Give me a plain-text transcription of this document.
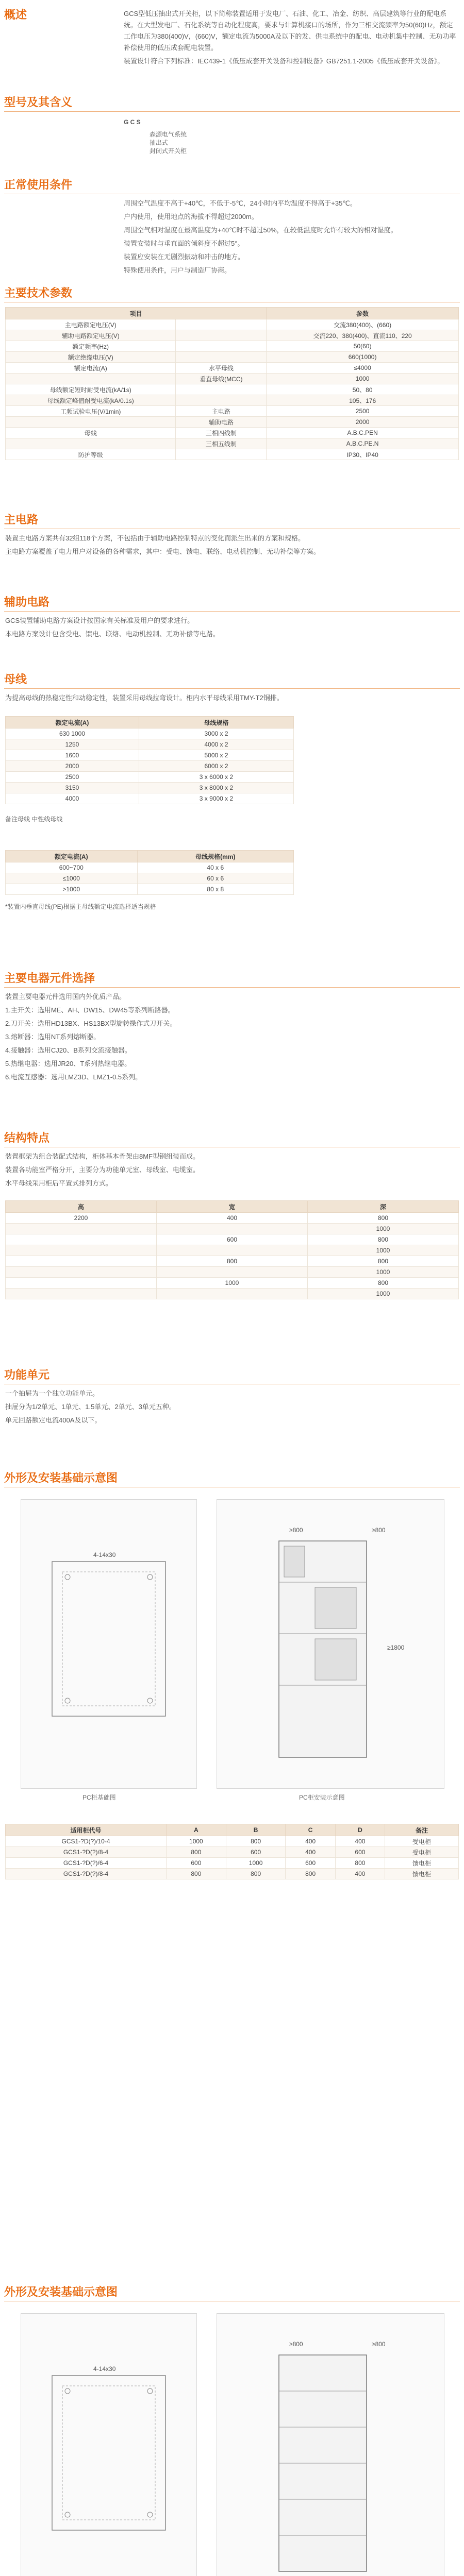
概述	GCS型低压抽出式开关柜，以下简称装置适用于发电厂、石油、化工、冶金、纺织、高层建筑等行业的配电系统。在大型发电厂、石化系统等自动化程度高，要求与计算机接口的场所，作为三相交流频率为50(60)Hz，额定工作电压为380(400)V，(660)V，额定电流为5000A及以下的发、供电系统中的配电、电动机集中控制、无功功率补偿使用的低压成套配电装置。

装置设计符合下列标准：IEC439-1《低压成套开关设备和控制设备》GB7251.1-2005《低压成套开关设备》。

型号及其含义
G C S
森源电气系统
抽出式
封闭式开关柜
正常使用条件

周围空气温度不高于+40℃，不低于-5℃，24小时内平均温度不得高于+35℃。

户内使用，使用地点的海拔不得超过2000m。

周围空气相对湿度在最高温度为+40℃时不超过50%，在较低温度时允许有较大的相对湿度。

装置安装时与垂直面的倾斜度不超过5°。

装置应安装在无剧烈振动和冲击的地方。

特殊使用条件，用户与制造厂协商。

主要技术参数
项目		参数
主电路额定电压(V)		交流380(400)、(660)
辅助电路额定电压(V)		交流220、380(400)、直流110、220
额定频率(Hz)		50(60)
额定绝缘电压(V)		660(1000)
额定电流(A)	水平母线	≤4000
	垂直母线(MCC)	1000
母线额定短时耐受电流(kA/1s)		50、80
母线额定峰值耐受电流(kA/0.1s)		105、176
工频试验电压(V/1min)	主电路	2500
	辅助电路	2000
母线	三相四线制	A.B.C.PEN
	三相五线制	A.B.C.PE.N
防护等级		IP30、IP40
主电路

装置主电路方案共有32组118个方案，不包括由于辅助电路控制特点的变化而派生出来的方案和规格。

主电路方案覆盖了电力用户对设备的各种需求，其中：受电、馈电、联络、电动机控制、无功补偿等方案。

辅助电路

GCS装置辅助电路方案设计按国家有关标准及用户的要求进行。

本电路方案设计包含受电、馈电、联络、电动机控制、无功补偿等电路。

母线
为提高母线的热稳定性和动稳定性，装置采用母线拉弯设计。柜内水平母线采用TMY-T2铜排。
额定电流(A)	母线规格
630 1000	3000 x 2
1250	4000 x 2
1600	5000 x 2
2000	6000 x 2
2500	3 x 6000 x 2
3150	3 x 8000 x 2
4000	3 x 9000 x 2
备注母线 中性线母线
额定电流(A)	母线规格(mm)
600~700	40 x 6
≤1000	60 x 6
>1000	80 x 8
*装置内垂直母线(PE)根据主母线额定电流选择适当规格
主要电器元件选择

装置主要电器元件选用国内外优质产品。

1.主开关：选用ME、AH、DW15、DW45等系列断路器。

2.刀开关：选用HD13BX、HS13BX型旋转操作式刀开关。

3.熔断器：选用NT系列熔断器。

4.接触器：选用CJ20、B系列交流接触器。

5.热继电器：选用JR20、T系列热继电器。

6.电流互感器：选用LMZ3D、LMZ1-0.5系列。

结构特点

装置框架为组合装配式结构，柜体基本骨架由8MF型钢组装而成。

装置各功能室严格分开，主要分为功能单元室、母线室、电缆室。

水平母线采用柜后平置式排列方式。

高	宽	深
2200	400	800
		1000
	600	800
		1000
	800	800
		1000
	1000	800
		1000
功能单元

一个抽屉为一个独立功能单元。

抽屉分为1/2单元、1单元、1.5单元、2单元、3单元五种。

单元回路额定电流400A及以下。

外形及安装基础示意图
4-14x30
PC柜基础图
≥800	≥800
≥1800
PC柜安装示意图
适用柜代号	A	B	C	D	备注
GCS1-?D(?)/10-4	1000	800	400	400	受电柜
GCS1-?D(?)/8-4	800	600	400	600	受电柜
GCS1-?D(?)/6-4	600	1000	600	800	馈电柜
GCS1-?D(?)/8-4	800	800	800	400	馈电柜
外形及安装基础示意图
4-14x30
≥800	≥800
